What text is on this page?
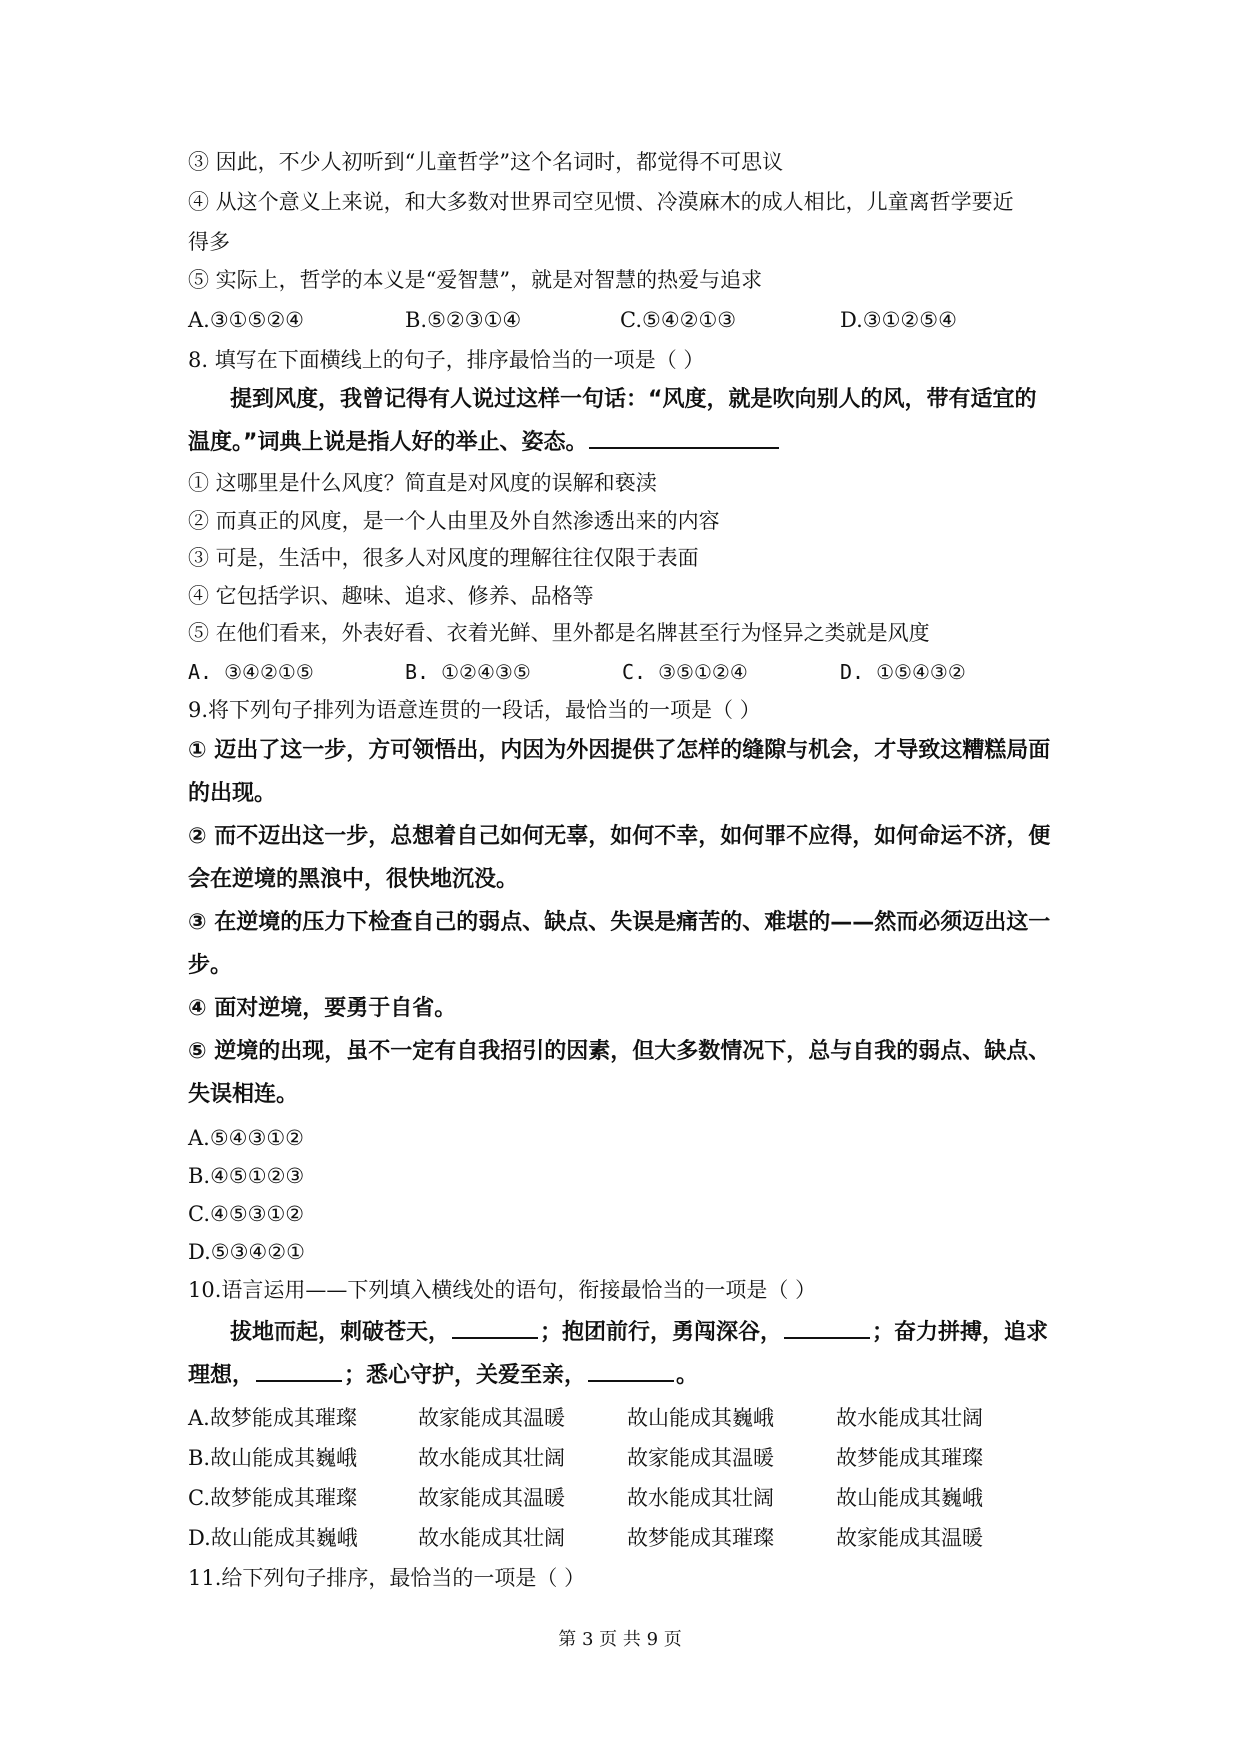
③ 因此，不少人初听到“儿童哲学”这个名词时，都觉得不可思议
④ 从这个意义上来说，和大多数对世界司空见惯、冷漠麻木的成人相比，儿童离哲学要近
得多
⑤ 实际上，哲学的本义是“爱智慧”，就是对智慧的热爱与追求
A.③①⑤②④	B.⑤②③①④	C.⑤④②①③	D.③①②⑤④
8. 填写在下面横线上的句子，排序最恰当的一项是（ ）
提到风度，我曾记得有人说过这样一句话：“风度，就是吹向别人的风，带有适宜的
温度。”词典上说是指人好的举止、姿态。
① 这哪里是什么风度？简直是对风度的误解和亵渎
② 而真正的风度，是一个人由里及外自然渗透出来的内容
③ 可是，生活中，很多人对风度的理解往往仅限于表面
④ 它包括学识、趣味、追求、修养、品格等
⑤ 在他们看来，外表好看、衣着光鲜、里外都是名牌甚至行为怪异之类就是风度
A. ③④②①⑤	B. ①②④③⑤	C. ③⑤①②④	D. ①⑤④③②
9.将下列句子排列为语意连贯的一段话，最恰当的一项是（ ）
① 迈出了这一步，方可领悟出，内因为外因提供了怎样的缝隙与机会，才导致这糟糕局面
的出现。
② 而不迈出这一步，总想着自己如何无辜，如何不幸，如何罪不应得，如何命运不济，便
会在逆境的黑浪中，很快地沉没。
③ 在逆境的压力下检查自己的弱点、缺点、失误是痛苦的、难堪的——然而必须迈出这一
步。
④ 面对逆境，要勇于自省。
⑤ 逆境的出现，虽不一定有自我招引的因素，但大多数情况下，总与自我的弱点、缺点、
失误相连。
A.⑤④③①②
B.④⑤①②③
C.④⑤③①②
D.⑤③④②①
10.语言运用——下列填入横线处的语句，衔接最恰当的一项是（ ）
拔地而起，刺破苍天，	；抱团前行，勇闯深谷，	；奋力拼搏，追求
理想，	；悉心守护，关爱至亲，	。
A.故梦能成其璀璨	故家能成其温暖	故山能成其巍峨	故水能成其壮阔
B.故山能成其巍峨	故水能成其壮阔	故家能成其温暖	故梦能成其璀璨
C.故梦能成其璀璨	故家能成其温暖	故水能成其壮阔	故山能成其巍峨
D.故山能成其巍峨	故水能成其壮阔	故梦能成其璀璨	故家能成其温暖
11.给下列句子排序，最恰当的一项是（ ）
第 3 页 共 9 页
